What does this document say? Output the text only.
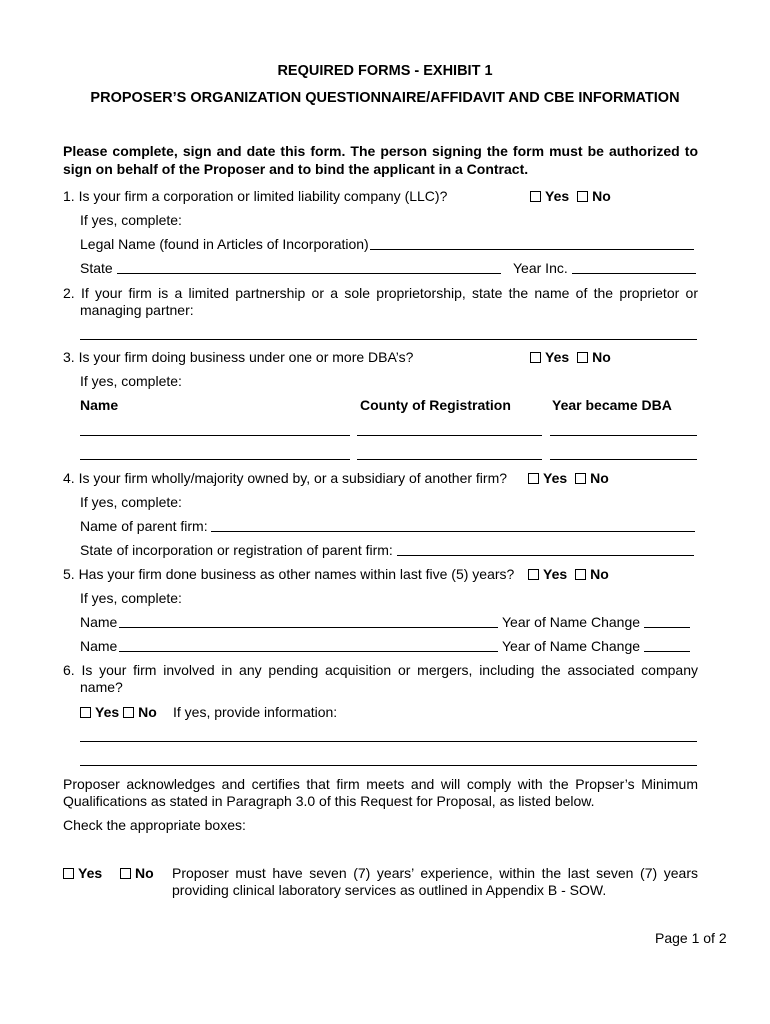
REQUIRED FORMS - EXHIBIT 1
PROPOSER’S ORGANIZATION QUESTIONNAIRE/AFFIDAVIT AND CBE INFORMATION
Please complete, sign and date this form. The person signing the form must be authorized to
sign on behalf of the Proposer and to bind the applicant in a Contract.
1. Is your firm a corporation or limited liability company (LLC)?	Yes No
If yes, complete:
Legal Name (found in Articles of Incorporation)
State	Year Inc.
2. If your firm is a limited partnership or a sole proprietorship, state the name of the proprietor or
managing partner:
3. Is your firm doing business under one or more DBA’s?	Yes No
If yes, complete:
Name	County of Registration	Year became DBA
4. Is your firm wholly/majority owned by, or a subsidiary of another firm?	Yes No
If yes, complete:
Name of parent firm:
State of incorporation or registration of parent firm:
5. Has your firm done business as other names within last five (5) years?	Yes No
If yes, complete:
Name	Year of Name Change
Name	Year of Name Change
6. Is your firm involved in any pending acquisition or mergers, including the associated company
name?
Yes No If yes, provide information:
Proposer acknowledges and certifies that firm meets and will comply with the Propser’s Minimum
Qualifications as stated in Paragraph 3.0 of this Request for Proposal, as listed below.
Check the appropriate boxes:
Yes	No Proposer must have seven (7) years’ experience, within the last seven (7) years
providing clinical laboratory services as outlined in Appendix B - SOW.
Page 1 of 2
